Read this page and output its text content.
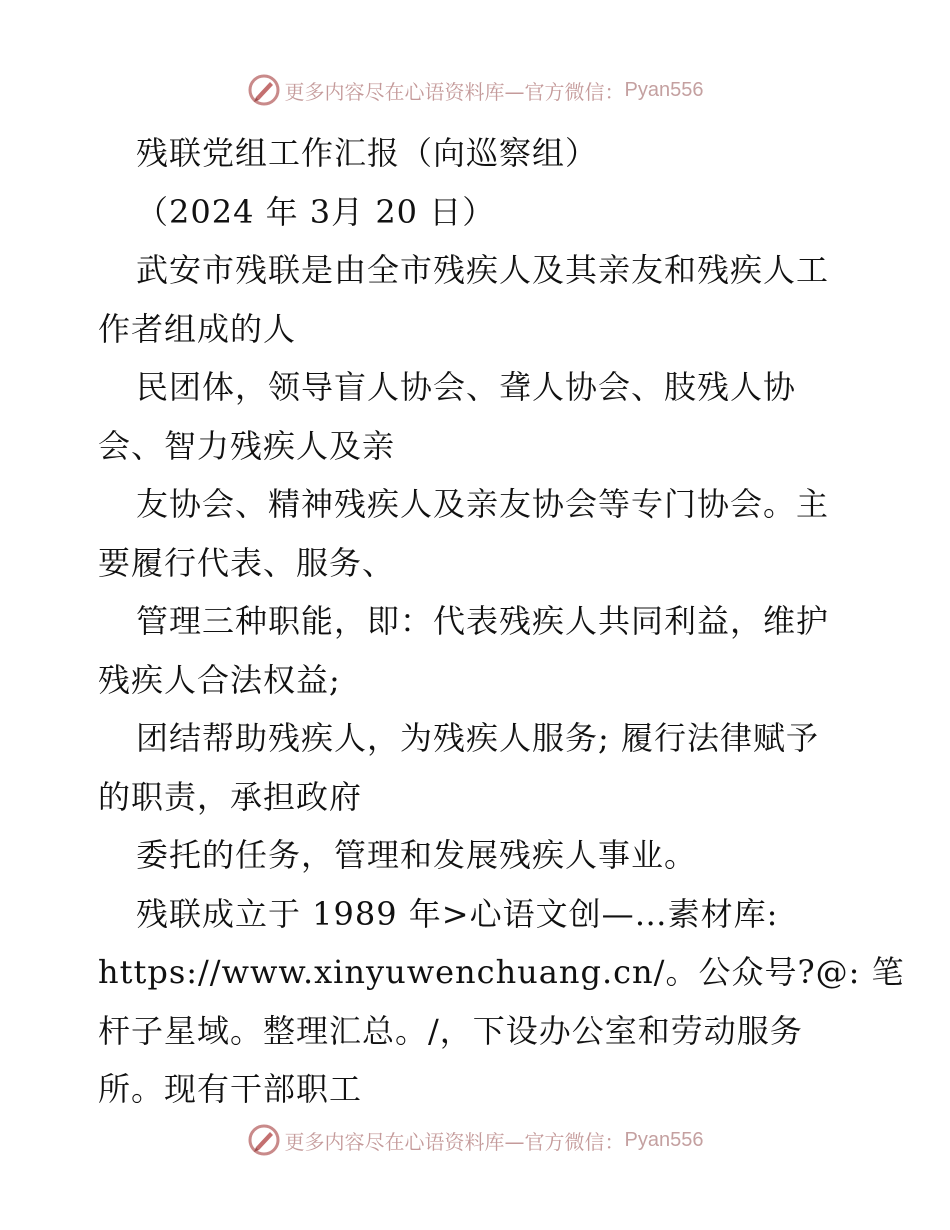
更多内容尽在心语资料库—官方微信： Pyan556
残联党组工作汇报（向巡察组）
（2024 年 3月 20 日）
武安市残联是由全市残疾人及其亲友和残疾人工
作者组成的人
民团体，领导盲人协会、聋人协会、肢残人协
会、智力残疾人及亲
友协会、精神残疾人及亲友协会等专门协会。主
要履行代表、服务、
管理三种职能，即：代表残疾人共同利益，维护
残疾人合法权益;
团结帮助残疾人，为残疾人服务; 履行法律赋予
的职责，承担政府
委托的任务，管理和发展残疾人事业。
残联成立于 1989 年>心语文创—…素材库:
https://www.xinyuwenchuang.cn/。公众号?@: 笔
杆子星域。整理汇总。/，下设办公室和劳动服务
所。现有干部职工
更多内容尽在心语资料库—官方微信： Pyan556
